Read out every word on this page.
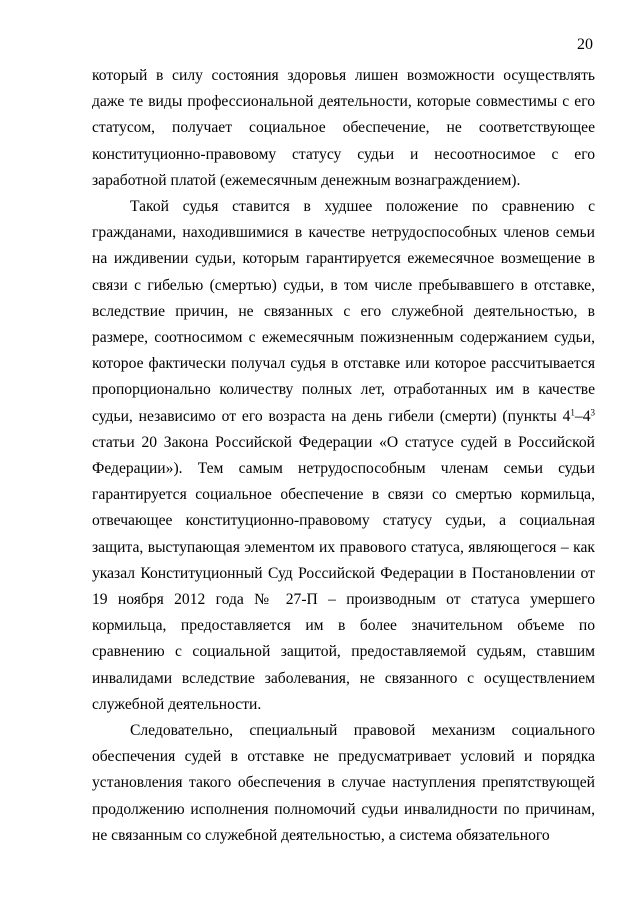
20

который в силу состояния здоровья лишен возможности осуществлять даже те виды профессиональной деятельности, которые совместимы с его статусом, получает социальное обеспечение, не соответствующее конституционно-правовому статусу судьи и несоотносимое с его заработной платой (ежемесячным денежным вознаграждением).

Такой судья ставится в худшее положение по сравнению с гражданами, находившимися в качестве нетрудоспособных членов семьи на иждивении судьи, которым гарантируется ежемесячное возмещение в связи с гибелью (смертью) судьи, в том числе пребывавшего в отставке, вследствие причин, не связанных с его служебной деятельностью, в размере, соотносимом с ежемесячным пожизненным содержанием судьи, которое фактически получал судья в отставке или которое рассчитывается пропорционально количеству полных лет, отработанных им в качестве судьи, независимо от его возраста на день гибели (смерти) (пункты $4^1-4^3$ статьи 20 Закона Российской Федерации «О статусе судей в Российской Федерации»). Тем самым нетрудоспособным членам семьи судьи гарантируется социальное обеспечение в связи со смертью кормильца, отвечающее конституционно-правовому статусу судьи, а социальная защита, выступающая элементом их правового статуса, являющегося – как указал Конституционный Суд Российской Федерации в Постановлении от 19 ноября 2012 года № 27-П – производным от статуса умершего кормильца, предоставляется им в более значительном объеме по сравнению с социальной защитой, предоставляемой судьям, ставшим инвалидами вследствие заболевания, не связанного с осуществлением служебной деятельности.

Следовательно, специальный правовой механизм социального обеспечения судей в отставке не предусматривает условий и порядка установления такого обеспечения в случае наступления препятствующей продолжению исполнения полномочий судьи инвалидности по причинам, не связанным со служебной деятельностью, а система обязательного
